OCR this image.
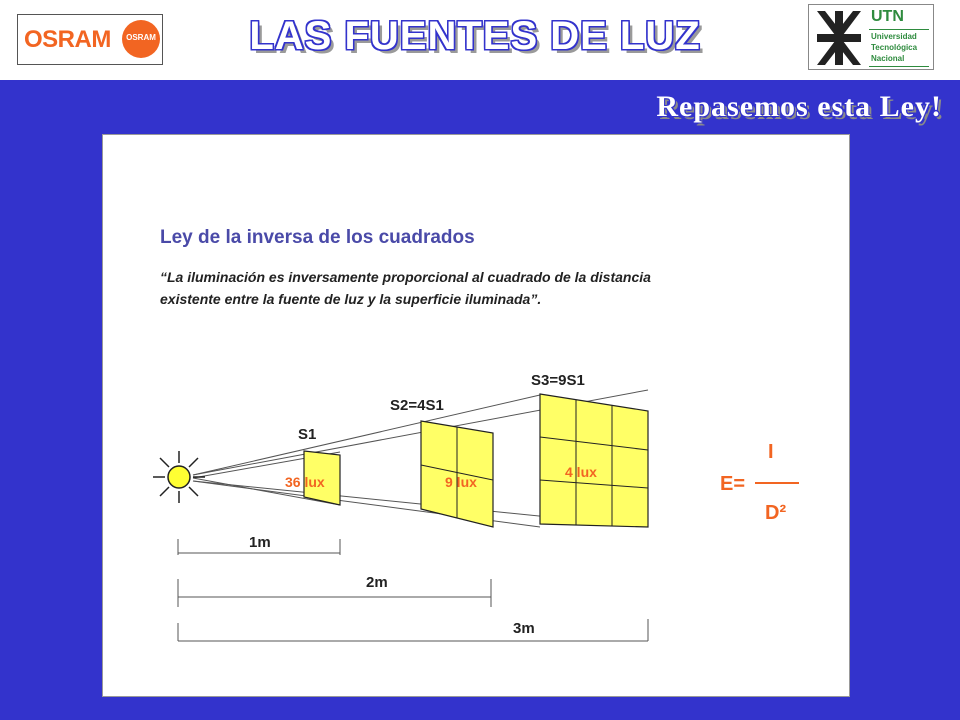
OSRAM	OSRAM	LAS FUENTES DE LUZ	UTN
Universidad
Tecnológica
Nacional
Repasemos esta Ley!
Ley de la inversa de los cuadrados
“La iluminación es inversamente proporcional al cuadrado de la distancia
existente entre la fuente de luz y la superficie iluminada”.
S1
36 lux
S2=4S1
9 lux
S3=9S1
4 lux
1m
2m
3m
I
E=
D²
